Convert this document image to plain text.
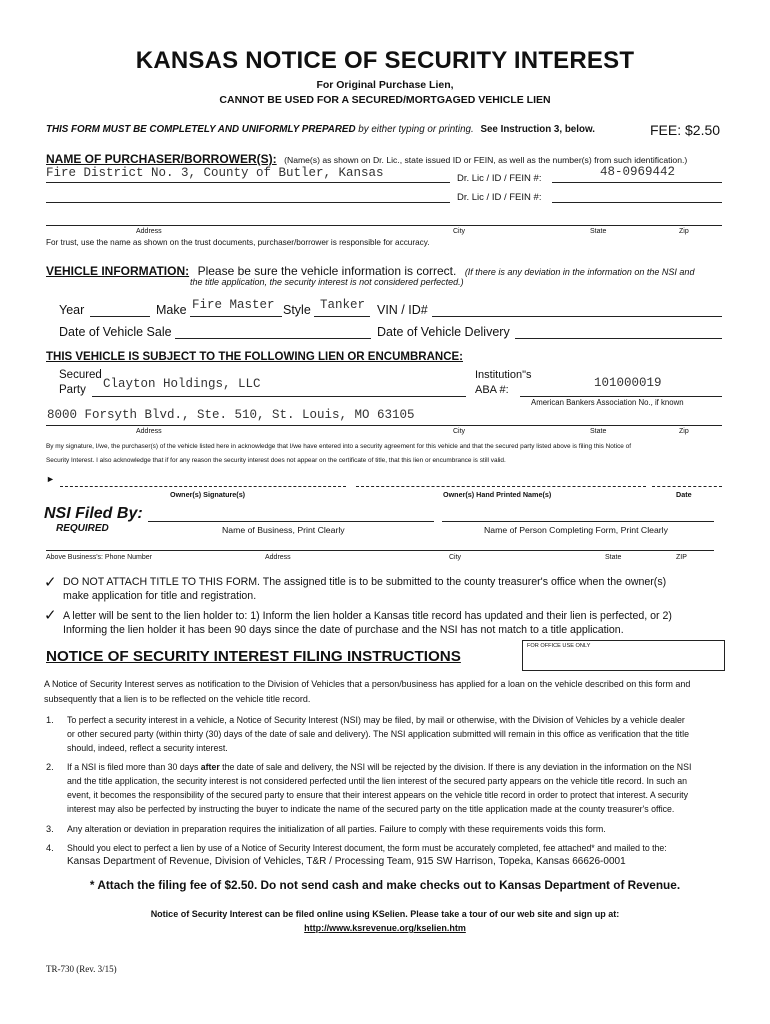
KANSAS NOTICE OF SECURITY INTEREST
For Original Purchase Lien,
CANNOT BE USED FOR A SECURED/MORTGAGED VEHICLE LIEN
THIS FORM MUST BE COMPLETELY AND UNIFORMLY PREPARED by either typing or printing. See Instruction 3, below.	FEE: $2.50
NAME OF PURCHASER/BORROWER(S): (Name(s) as shown on Dr. Lic., state issued ID or FEIN, as well as the number(s) from such identification.)
Fire District No. 3, County of Butler, Kansas	Dr. Lic / ID / FEIN #:	48-0969442
Dr. Lic / ID / FEIN #:
Address	City	State	Zip
For trust, use the name as shown on the trust documents, purchaser/borrower is responsible for accuracy.
VEHICLE INFORMATION: Please be sure the vehicle information is correct. (If there is any deviation in the information on the NSI and
the title application, the security interest is not considered perfected.)
Year	Make Fire Master Style Tanker VIN / ID#
Date of Vehicle Sale	Date of Vehicle Delivery
THIS VEHICLE IS SUBJECT TO THE FOLLOWING LIEN OR ENCUMBRANCE:
Secured
Party Clayton Holdings, LLC
Institution"s
ABA #:	101000019
American Bankers Association No., if known
8000 Forsyth Blvd., Ste. 510, St. Louis, MO 63105
Address	City	State	Zip
By my signature, I/we, the purchaser(s) of the vehicle listed here in acknowledge that I/we have entered into a security agreement for this vehicle and that the secured party listed above is filing this Notice of
Security Interest. I also acknowledge that if for any reason the security interest does not appear on the certificate of title, that this lien or encumbrance is still valid.
►
Owner(s) Signature(s)	Owner(s) Hand Printed Name(s)	Date
NSI Filed By:
REQUIRED	Name of Business, Print Clearly	Name of Person Completing Form, Print Clearly
Above Business's: Phone Number	Address	City	State	ZIP
✓ DO NOT ATTACH TITLE TO THIS FORM. The assigned title is to be submitted to the county treasurer's office when the owner(s)
make application for title and registration.
✓ A letter will be sent to the lien holder to: 1) Inform the lien holder a Kansas title record has updated and their lien is perfected, or 2)
Informing the lien holder it has been 90 days since the date of purchase and the NSI has not match to a title application.
NOTICE OF SECURITY INTEREST FILING INSTRUCTIONS
FOR OFFICE USE ONLY
A Notice of Security Interest serves as notification to the Division of Vehicles that a person/business has applied for a loan on the vehicle described on this form and
subsequently that a lien is to be reflected on the vehicle title record.
1. To perfect a security interest in a vehicle, a Notice of Security Interest (NSI) may be filed, by mail or otherwise, with the Division of Vehicles by a vehicle dealer
or other secured party (within thirty (30) days of the date of sale and delivery). The NSI application submitted will remain in this office as verification that the title
should, indeed, reflect a security interest.
2. If a NSI is filed more than 30 days after the date of sale and delivery, the NSI will be rejected by the division. If there is any deviation in the information on the NSI
and the title application, the security interest is not considered perfected until the lien interest of the secured party appears on the vehicle title record. In such an
event, it becomes the responsibility of the secured party to ensure that their interest appears on the vehicle title record in order to protect that interest. A security
interest may also be perfected by instructing the buyer to indicate the name of the secured party on the title application made at the county treasurer's office.
3. Any alteration or deviation in preparation requires the initialization of all parties. Failure to comply with these requirements voids this form.
4. Should you elect to perfect a lien by use of a Notice of Security Interest document, the form must be accurately completed, fee attached* and mailed to the:
Kansas Department of Revenue, Division of Vehicles, T&R / Processing Team, 915 SW Harrison, Topeka, Kansas 66626-0001
* Attach the filing fee of $2.50. Do not send cash and make checks out to Kansas Department of Revenue.
Notice of Security Interest can be filed online using KSelien. Please take a tour of our web site and sign up at:
http://www.ksrevenue.org/kselien.htm
TR-730 (Rev. 3/15)
